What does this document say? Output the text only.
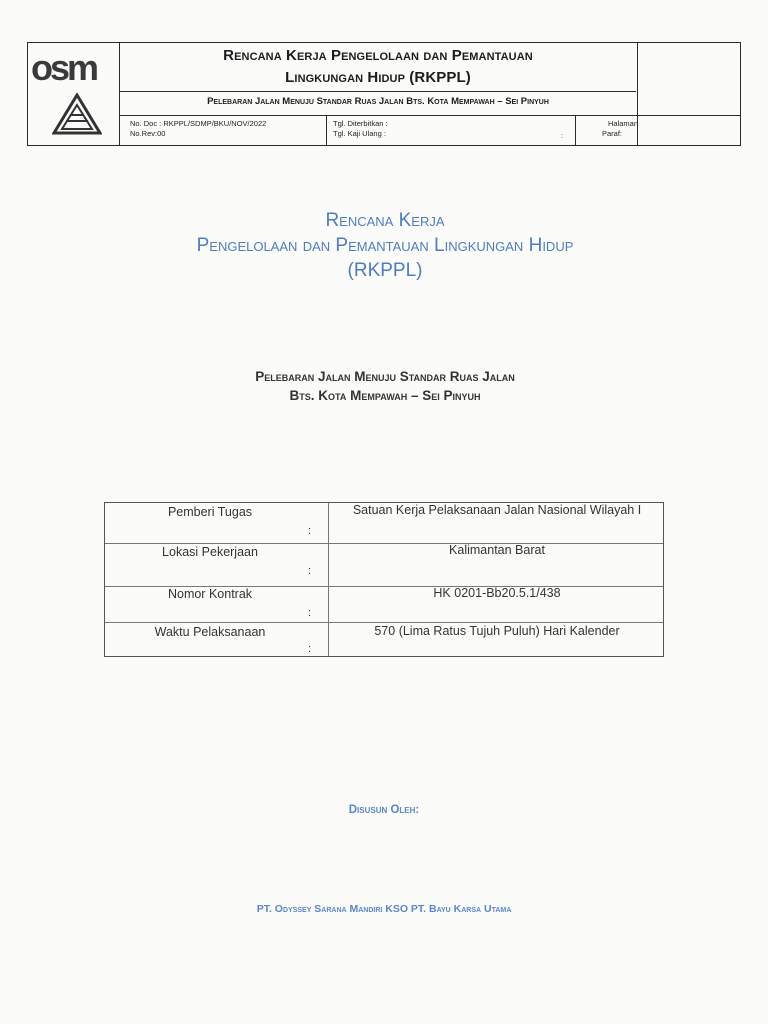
osm	Rencana Kerja Pengelolaan dan Pemantauan
Lingkungan Hidup (RKPPL)
Pelebaran Jalan Menuju Standar Ruas Jalan Bts. Kota Mempawah – Sei Pinyuh
No. Doc : RKPPL/SDMP/BKU/NOV/2022
No.Rev:00
Tgl. Diterbitkan :
Tgl. Kaji Ulang :	:
Halaman
Paraf:
Rencana Kerja
Pengelolaan dan Pemantauan Lingkungan Hidup
(RKPPL)
Pelebaran Jalan Menuju Standar Ruas Jalan
Bts. Kota Mempawah – Sei Pinyuh
Pemberi Tugas
:
Satuan Kerja Pelaksanaan Jalan Nasional Wilayah I
Lokasi Pekerjaan
:
Kalimantan Barat
Nomor Kontrak
:
HK 0201-Bb20.5.1/438
Waktu Pelaksanaan
:
570 (Lima Ratus Tujuh Puluh) Hari Kalender
Disusun Oleh:
PT. Odyssey Sarana Mandiri KSO PT. Bayu Karsa Utama
